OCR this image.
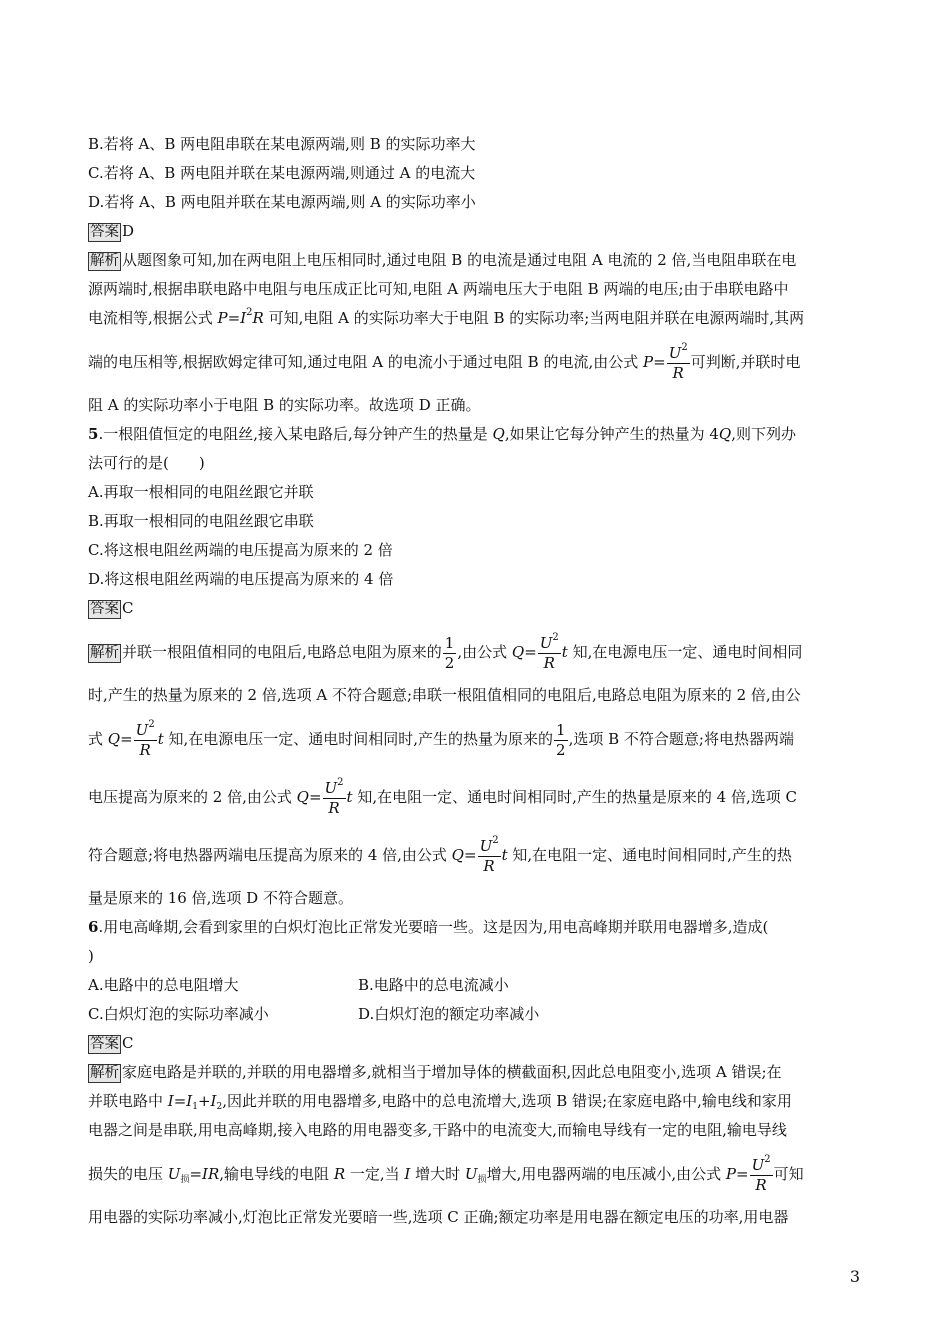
B.若将 A、B 两电阻串联在某电源两端,则 B 的实际功率大
C.若将 A、B 两电阻并联在某电源两端,则通过 A 的电流大
D.若将 A、B 两电阻并联在某电源两端,则 A 的实际功率小
答案 D
解析 从题图象可知,加在两电阻上电压相同时,通过电阻 B 的电流是通过电阻 A 电流的 2 倍,当电阻串联在电
源两端时,根据串联电路中电阻与电压成正比可知,电阻 A 两端电压大于电阻 B 两端的电压;由于串联电路中
电流相等,根据公式 $P=I^2R$ 可知,电阻 A 的实际功率大于电阻 B 的实际功率;当两电阻并联在电源两端时,其两
端的电压相等,根据欧姆定律可知,通过电阻 A 的电流小于通过电阻 B 的电流,由公式 $P= \frac{U^2}{R}$ 可判断,并联时电
阻 A 的实际功率小于电阻 B 的实际功率。故选项 D 正确。
5.一根阻值恒定的电阻丝,接入某电路后,每分钟产生的热量是 Q,如果让它每分钟产生的热量为 4Q,则下列办
法可行的是(　　)
A.再取一根相同的电阻丝跟它并联
B.再取一根相同的电阻丝跟它串联
C.将这根电阻丝两端的电压提高为原来的 2 倍
D.将这根电阻丝两端的电压提高为原来的 4 倍
答案 C
解析 并联一根阻值相同的电阻后,电路总电阻为原来的 $\frac{1}{2}$ ,由公式 $Q= \frac{U^2}{R}$ t 知,在电源电压一定、通电时间相同
时,产生的热量为原来的 2 倍,选项 A 不符合题意;串联一根阻值相同的电阻后,电路总电阻为原来的 2 倍,由公
式 $Q= \frac{U^2}{R}$ t 知,在电源电压一定、通电时间相同时,产生的热量为原来的 $\frac{1}{2}$ ,选项 B 不符合题意;将电热器两端
电压提高为原来的 2 倍,由公式 $Q= \frac{U^2}{R}$ t 知,在电阻一定、通电时间相同时,产生的热量是原来的 4 倍,选项 C
符合题意;将电热器两端电压提高为原来的 4 倍,由公式 $Q= \frac{U^2}{R}$ t 知,在电阻一定、通电时间相同时,产生的热
量是原来的 16 倍,选项 D 不符合题意。
6.用电高峰期,会看到家里的白炽灯泡比正常发光要暗一些。这是因为,用电高峰期并联用电器增多,造成(
)
A.电路中的总电阻增大	B.电路中的总电流减小
C.白炽灯泡的实际功率减小	D.白炽灯泡的额定功率减小
答案 C
解析 家庭电路是并联的,并联的用电器增多,就相当于增加导体的横截面积,因此总电阻变小,选项 A 错误;在
并联电路中 $I=I_1+I_2$,因此并联的用电器增多,电路中的总电流增大,选项 B 错误;在家庭电路中,输电线和家用
电器之间是串联,用电高峰期,接入电路的用电器变多,干路中的电流变大,而输电导线有一定的电阻,输电导线
损失的电压 $U_损=IR$,输电导线的电阻 R 一定,当 I 增大时 $U_损$增大,用电器两端的电压减小,由公式 $P= \frac{U^2}{R}$ 可知
用电器的实际功率减小,灯泡比正常发光要暗一些,选项 C 正确;额定功率是用电器在额定电压的功率,用电器
3
